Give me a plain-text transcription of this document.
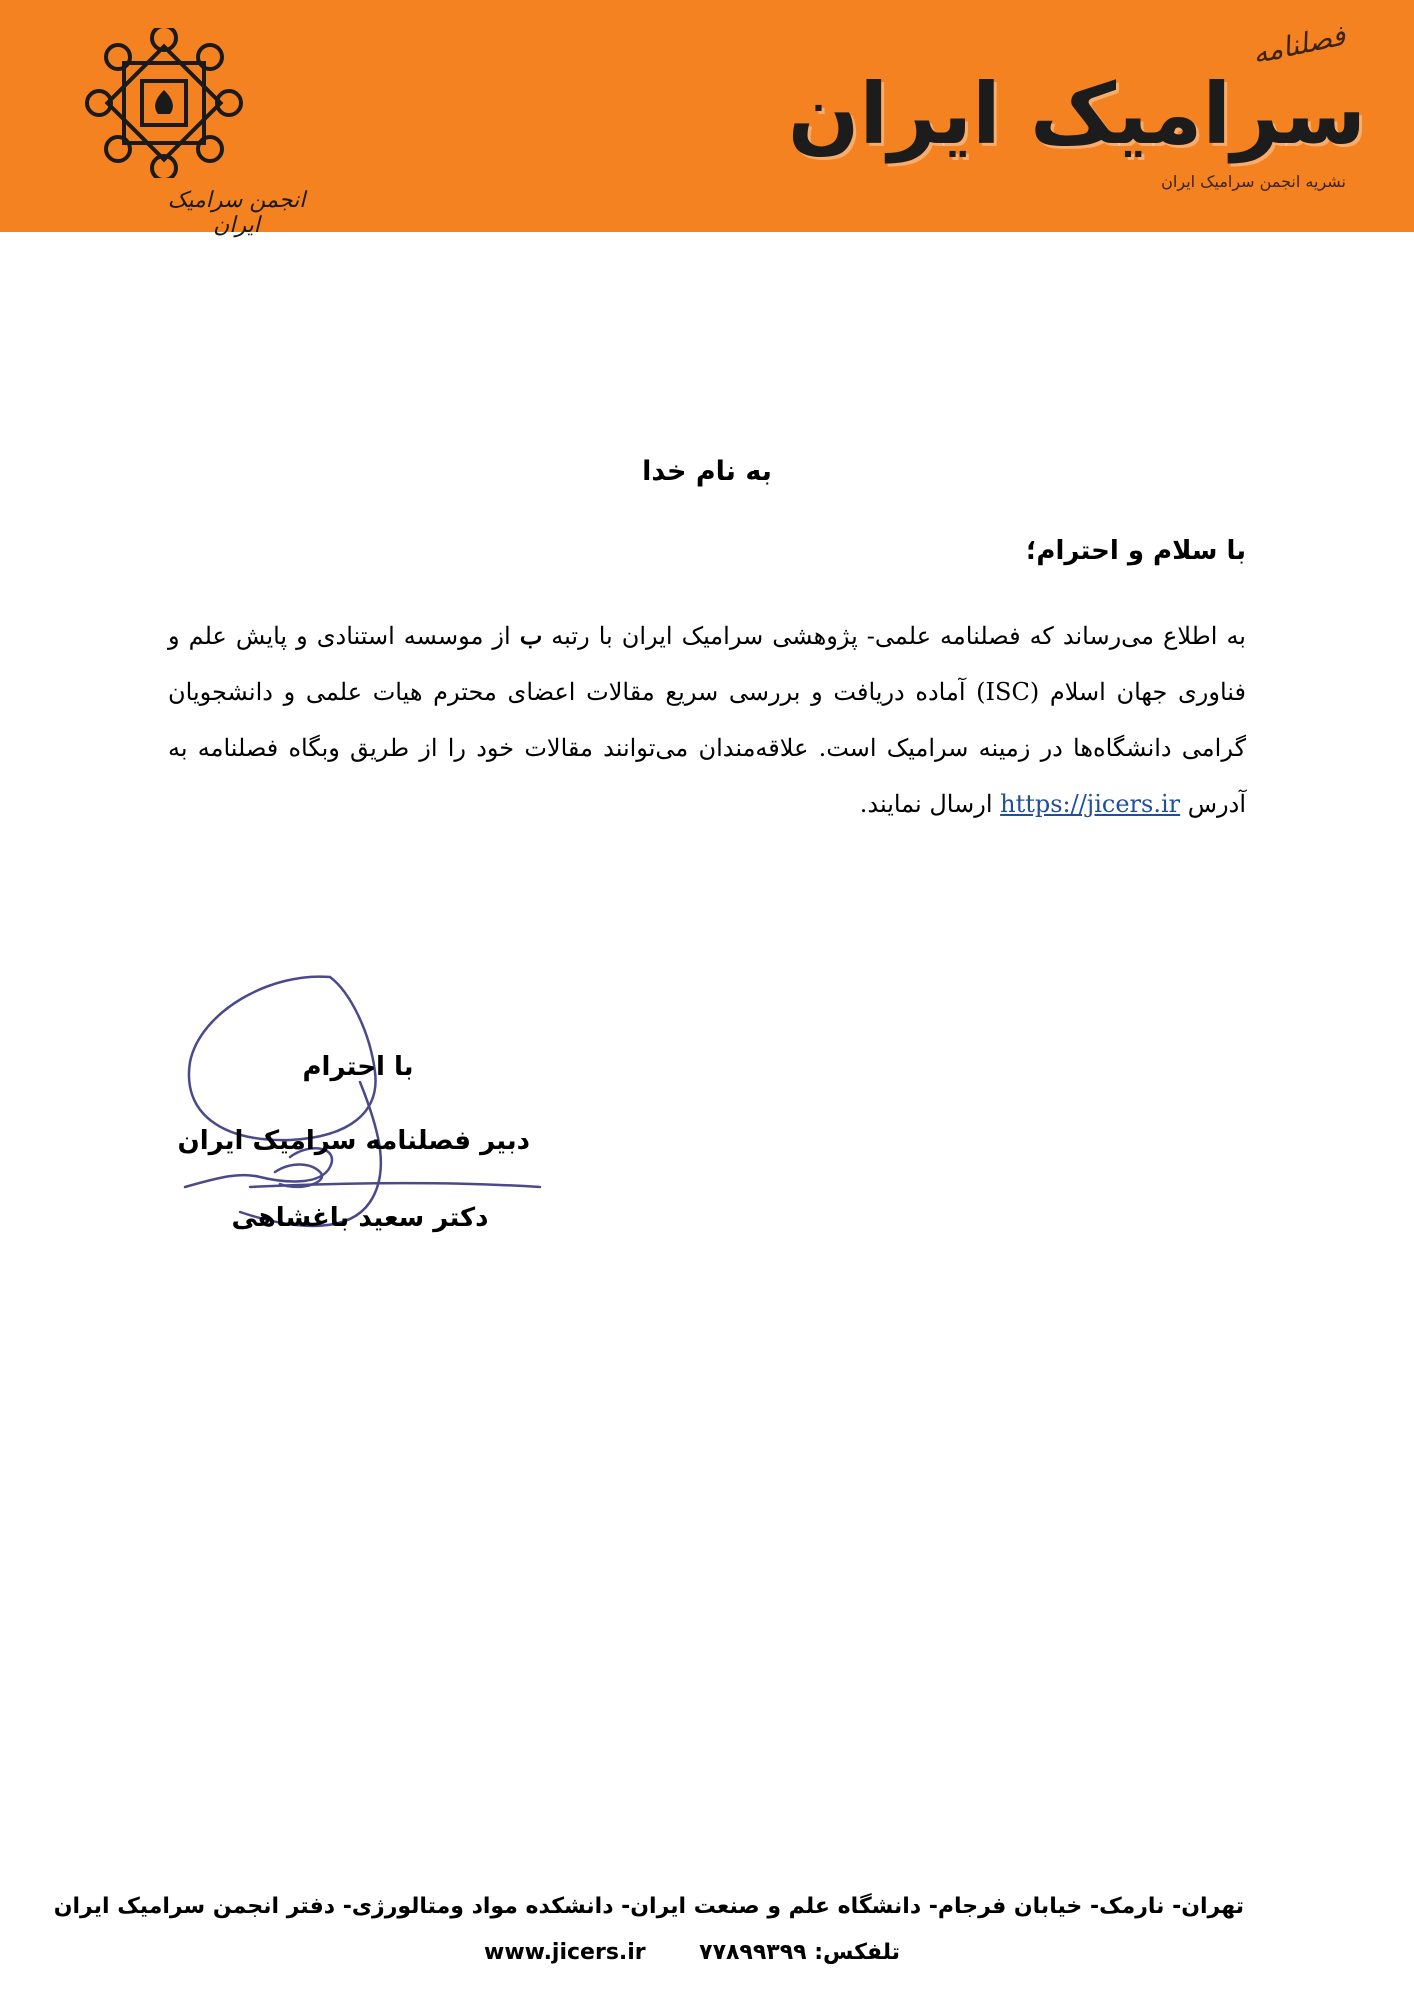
انجمن سرامیک ایران
فصلنامه
سرامیک ایران
نشریه انجمن سرامیک ایران
به نام خدا
با سلام و احترام؛

به اطلاع می‌رساند که فصلنامه علمی- پژوهشی سرامیک ایران با رتبه ب از موسسه استنادی و پایش علم و فناوری جهان اسلام (ISC) آماده دریافت و بررسی سریع مقالات اعضای محترم هیات علمی و دانشجویان گرامی دانشگاه‌ها در زمینه سرامیک است. علاقه‌مندان می‌توانند مقالات خود را از طریق وبگاه فصلنامه به آدرس https://jicers.ir ارسال نمایند.

با احترام
دبیر فصلنامه سرامیک ایران
دکتر سعید باغشاهی
تهران- نارمک- خیابان فرجام- دانشگاه علم و صنعت ایران- دانشکده مواد ومتالورژی- دفتر انجمن سرامیک ایران
www.jicers.ir تلفکس: ۷۷۸۹۹۳۹۹
